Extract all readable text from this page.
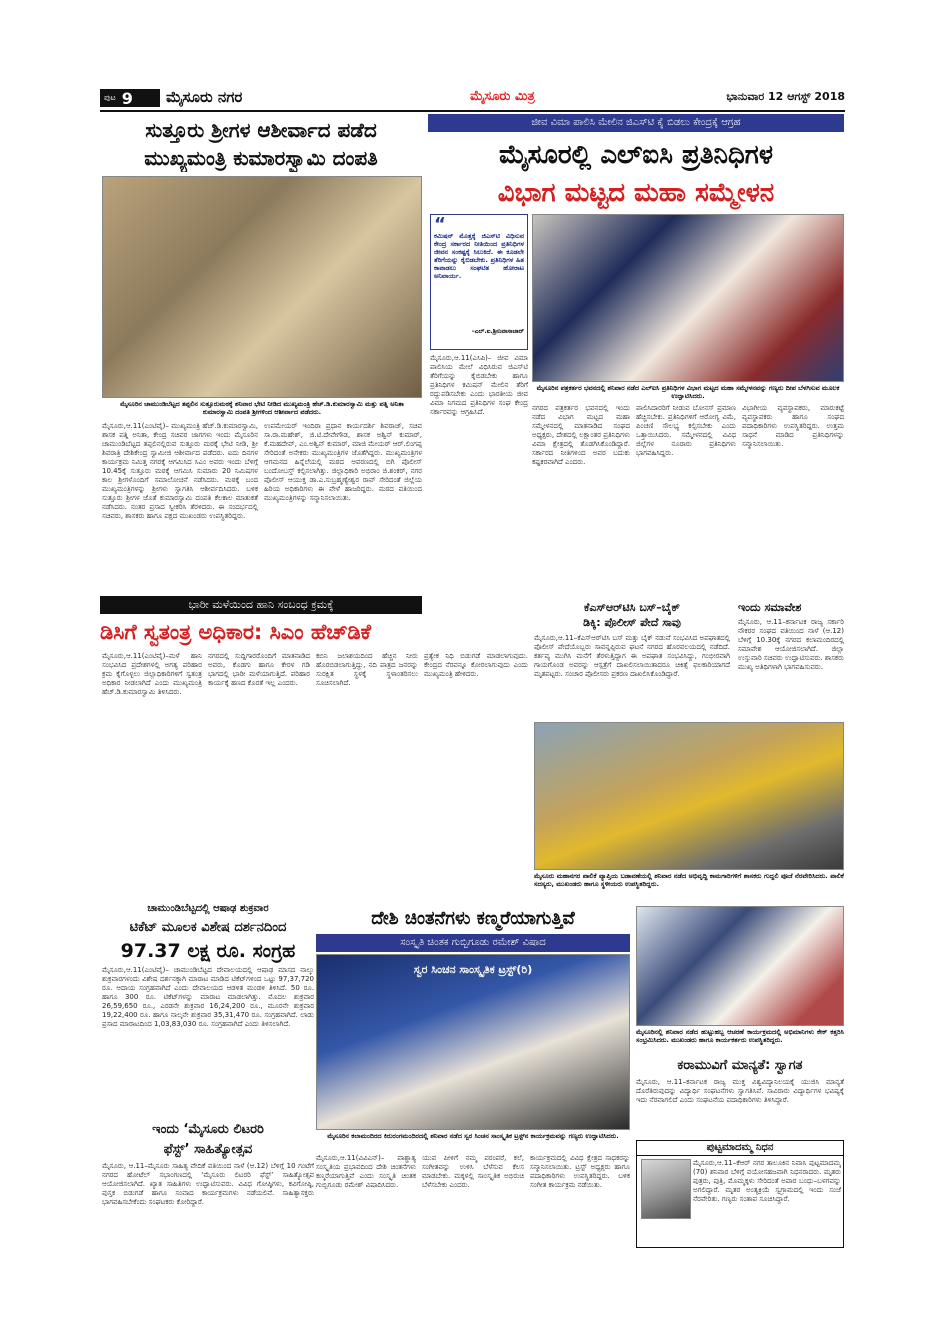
ಪುಟ 9 ಮೈಸೂರು ನಗರ	ಮೈಸೂರು ಮಿತ್ರ	ಭಾನುವಾರ 12 ಆಗಸ್ಟ್ 2018
ಸುತ್ತೂರು ಶ್ರೀಗಳ ಆಶೀರ್ವಾದ ಪಡೆದ
ಮುಖ್ಯಮಂತ್ರಿ ಕುಮಾರಸ್ವಾಮಿ ದಂಪತಿ
ಮೈಸೂರಿನ ಚಾಮುಂಡಿಬೆಟ್ಟದ ತಪ್ಪಲಿನ ಸುತ್ತೂರುಮಠಕ್ಕೆ ಶನಿವಾರ ಭೇಟಿ ನೀಡಿದ ಮುಖ್ಯಮಂತ್ರಿ ಹೆಚ್.ಡಿ.ಕುಮಾರಸ್ವಾಮಿ ಮತ್ತು ಪತ್ನಿ ಅನಿತಾ ಕುಮಾರಸ್ವಾಮಿ ದಂಪತಿ ಶ್ರೀಗಳಿಂದ ಆಶೀರ್ವಾದ ಪಡೆದರು.
ಮೈಸೂರು,ಆ.11(ಎಂಟಿವೈ)– ಮುಖ್ಯಮಂತ್ರಿ ಹೆಚ್.ಡಿ.ಕುಮಾರಸ್ವಾಮಿ, ಶಾಸಕ ಪತ್ನಿ ಅನಿತಾ, ಕೇಂದ್ರ ಸಚಿವರ ಜಾಗಗಳು ಇಂದು ಮೈಸೂರಿನ ಚಾಮುಂಡಿಬೆಟ್ಟದ ತಪ್ಪಲಿನಲ್ಲಿರುವ ಸುತ್ತೂರು ಮಠಕ್ಕೆ ಭೇಟಿ ನೀಡಿ, ಶ್ರೀ ಶಿವರಾತ್ರಿ ದೇಶಿಕೇಂದ್ರ ಸ್ವಾಮೀಜಿ ಆಶೀರ್ವಾದ ಪಡೆದರು. ಐದು ದಿನಗಳ ಕಾರ್ಯಕ್ರಮ ನಿಮಿತ್ತ ನಗರಕ್ಕೆ ಆಗಮಿಸಿದ ಸಿಎಂ ಅವರು ಇಂದು ಬೆಳಿಗ್ಗೆ 10.45ಕ್ಕೆ ಸುತ್ತೂರು ಮಠಕ್ಕೆ ಆಗಮಿಸಿ ಸುಮಾರು 20 ನಿಮಿಷಗಳ ಕಾಲ ಶ್ರೀಗಳೊಂದಿಗೆ ಸಮಾಲೋಚನೆ ನಡೆಸಿದರು. ಮಠಕ್ಕೆ ಬಂದ ಮುಖ್ಯಮಂತ್ರಿಗಳನ್ನು ಶ್ರೀಗಳು ಸ್ವಾಗತಿಸಿ ಆಶೀರ್ವದಿಸಿದರು. ಬಳಿಕ ಸುತ್ತೂರು ಶ್ರೀಗಳ ಜೊತೆ ಕುಮಾರಸ್ವಾಮಿ ದಂಪತಿ ಕೆಲಕಾಲ ಮಾತುಕತೆ ನಡೆಸಿದರು. ನಂತರ ಪ್ರಸಾದ ಸ್ವೀಕರಿಸಿ ತೆರಳಿದರು. ಈ ಸಂದರ್ಭದಲ್ಲಿ ಸಚಿವರು, ಶಾಸಕರು ಹಾಗೂ ಪಕ್ಷದ ಮುಖಂಡರು ಉಪಸ್ಥಿತರಿದ್ದರು.
ಉಪಮೇಯರ್ ಇಂದಿರಾ ಪ್ರಧಾನ ಕಾರ್ಯದರ್ಶಿ ಶಿವರಾಜ್, ಸಚಿವ ಸಾ.ರಾ.ಮಹೇಶ್, ಜಿ.ಟಿ.ದೇವೇಗೌಡ, ಶಾಸಕ ಅಶ್ವಿನ್ ಕುಮಾರ್, ಕೆ.ಮಹದೇವ್, ಎಂ.ಅಶ್ವಿನ್ ಕುಮಾರ್, ಮಾಜಿ ಮೇಯರ್ ಆರ್.ಲಿಂಗಪ್ಪ ಸೇರಿದಂತೆ ಅನೇಕರು ಮುಖ್ಯಮಂತ್ರಿಗಳ ಜೊತೆಗಿದ್ದರು. ಮುಖ್ಯಮಂತ್ರಿಗಳ ಆಗಮನದ ಹಿನ್ನೆಲೆಯಲ್ಲಿ ಮಠದ ಆವರಣದಲ್ಲಿ ಬಿಗಿ ಪೊಲೀಸ್ ಬಂದೋಬಸ್ತ್ ಕಲ್ಪಿಸಲಾಗಿತ್ತು. ಜಿಲ್ಲಾಧಿಕಾರಿ ಅಭಿರಾಂ ಜಿ.ಶಂಕರ್, ನಗರ ಪೊಲೀಸ್ ಆಯುಕ್ತ ಡಾ.ಎ.ಸುಬ್ರಹ್ಮಣ್ಯೇಶ್ವರ ರಾವ್ ಸೇರಿದಂತೆ ಜಿಲ್ಲೆಯ ಹಿರಿಯ ಅಧಿಕಾರಿಗಳು ಈ ವೇಳೆ ಹಾಜರಿದ್ದರು. ಮಠದ ವತಿಯಿಂದ ಮುಖ್ಯಮಂತ್ರಿಗಳನ್ನು ಸನ್ಮಾನಿಸಲಾಯಿತು.
ಜೀವ ವಿಮಾ ಪಾಲಿಸಿ ಮೇಲಿನ ಜಿಎಸ್‌ಟಿ ಕೈ ಬಿಡಲು ಕೇಂದ್ರಕ್ಕೆ ಆಗ್ರಹ
ಮೈಸೂರಲ್ಲಿ ಎಲ್‌ಐಸಿ ಪ್ರತಿನಿಧಿಗಳ
ವಿಭಾಗ ಮಟ್ಟದ ಮಹಾ ಸಮ್ಮೇಳನ
“
ಕಮಿಷನ್ ಮೊತ್ತಕ್ಕೆ ಜಿಎಸ್‌ಟಿ ವಿಧಿಸುವ ಕೇಂದ್ರ ಸರ್ಕಾರದ ನೀತಿಯಿಂದ ಪ್ರತಿನಿಧಿಗಳ ಜೀವನ ಸಂಕಷ್ಟಕ್ಕೆ ಸಿಲುಕಿದೆ. ಈ ಕೂಡಲೇ ತೆರಿಗೆಯನ್ನು ಕೈಬಿಡಬೇಕು. ಪ್ರತಿನಿಧಿಗಳ ಹಿತ ಕಾಪಾಡಲು ಸಂಘಟಿತ ಹೋರಾಟ ಅನಿವಾರ್ಯ.
–ಎಲ್.ಐ.ಶ್ರೀನಿವಾಸಾಚಾರ್
ಮೈಸೂರಿನ ಪತ್ರಕರ್ತರ ಭವನದಲ್ಲಿ ಶನಿವಾರ ನಡೆದ ಎಲ್‌ಐಸಿ ಪ್ರತಿನಿಧಿಗಳ ವಿಭಾಗ ಮಟ್ಟದ ಮಹಾ ಸಮ್ಮೇಳನವನ್ನು ಗಣ್ಯರು ದೀಪ ಬೆಳಗಿಸುವ ಮೂಲಕ ಉದ್ಘಾಟಿಸಿದರು.
ಮೈಸೂರು,ಆ.11(ಎಸಿಪಿ)– ಜೀವ ವಿಮಾ ಪಾಲಿಸಿಯ ಮೇಲೆ ವಿಧಿಸಿರುವ ಜಿಎಸ್‌ಟಿ ತೆರಿಗೆಯನ್ನು ಕೈಬಿಡಬೇಕು ಹಾಗೂ ಪ್ರತಿನಿಧಿಗಳ ಕಮಿಷನ್ ಮೇಲಿನ ತೆರಿಗೆ ರದ್ದುಪಡಿಸಬೇಕು ಎಂದು ಭಾರತೀಯ ಜೀವ ವಿಮಾ ನಿಗಮದ ಪ್ರತಿನಿಧಿಗಳ ಸಂಘ ಕೇಂದ್ರ ಸರ್ಕಾರವನ್ನು ಆಗ್ರಹಿಸಿದೆ.	ನಗರದ ಪತ್ರಕರ್ತರ ಭವನದಲ್ಲಿ ಇಂದು ನಡೆದ ವಿಭಾಗ ಮಟ್ಟದ ಮಹಾ ಸಮ್ಮೇಳನದಲ್ಲಿ ಮಾತನಾಡಿದ ಸಂಘದ ಅಧ್ಯಕ್ಷರು, ದೇಶದಲ್ಲಿ ಲಕ್ಷಾಂತರ ಪ್ರತಿನಿಧಿಗಳು ವಿಮಾ ಕ್ಷೇತ್ರದಲ್ಲಿ ತೊಡಗಿಸಿಕೊಂಡಿದ್ದಾರೆ. ಸರ್ಕಾರದ ನೀತಿಗಳಿಂದ ಅವರ ಬದುಕು ಕಷ್ಟಕರವಾಗಿದೆ ಎಂದರು.
ಪಾಲಿಸಿದಾರರಿಗೆ ನೀಡುವ ಬೋನಸ್ ಪ್ರಮಾಣ ಹೆಚ್ಚಿಸಬೇಕು. ಪ್ರತಿನಿಧಿಗಳಿಗೆ ಆರೋಗ್ಯ ವಿಮೆ, ಪಿಂಚಣಿ ಸೌಲಭ್ಯ ಕಲ್ಪಿಸಬೇಕು ಎಂದು ಒತ್ತಾಯಿಸಿದರು. ಸಮ್ಮೇಳನದಲ್ಲಿ ವಿವಿಧ ಜಿಲ್ಲೆಗಳ ನೂರಾರು ಪ್ರತಿನಿಧಿಗಳು ಭಾಗವಹಿಸಿದ್ದರು.
ವಿಭಾಗೀಯ ವ್ಯವಸ್ಥಾಪಕರು, ಮಾರುಕಟ್ಟೆ ವ್ಯವಸ್ಥಾಪಕರು ಹಾಗೂ ಸಂಘದ ಪದಾಧಿಕಾರಿಗಳು ಉಪಸ್ಥಿತರಿದ್ದರು. ಉತ್ತಮ ಸಾಧನೆ ಮಾಡಿದ ಪ್ರತಿನಿಧಿಗಳನ್ನು ಸನ್ಮಾನಿಸಲಾಯಿತು.
ಭಾರೀ ಮಳೆಯಿಂದ ಹಾನಿ ಸಂಬಂಧ ಕ್ರಮಕ್ಕೆ
ಡಿಸಿಗೆ ಸ್ವತಂತ್ರ ಅಧಿಕಾರ: ಸಿಎಂ ಹೆಚ್‌ಡಿಕೆ
ಮೈಸೂರು,ಆ.11(ಎಂಟಿವೈ)–ಮಳೆ ಹಾನಿ ಸಂಭವಿಸಿದ ಪ್ರದೇಶಗಳಲ್ಲಿ ಅಗತ್ಯ ಪರಿಹಾರ ಕ್ರಮ ಕೈಗೊಳ್ಳಲು ಜಿಲ್ಲಾಧಿಕಾರಿಗಳಿಗೆ ಸ್ವತಂತ್ರ ಅಧಿಕಾರ ನೀಡಲಾಗಿದೆ ಎಂದು ಮುಖ್ಯಮಂತ್ರಿ ಹೆಚ್.ಡಿ.ಕುಮಾರಸ್ವಾಮಿ ತಿಳಿಸಿದರು.
ನಗರದಲ್ಲಿ ಸುದ್ದಿಗಾರರೊಂದಿಗೆ ಮಾತನಾಡಿದ ಅವರು, ಕೊಡಗು ಹಾಗೂ ಕೇರಳ ಗಡಿ ಭಾಗದಲ್ಲಿ ಭಾರೀ ಮಳೆಯಾಗುತ್ತಿದೆ. ಪರಿಹಾರ ಕಾರ್ಯಕ್ಕೆ ಹಣದ ಕೊರತೆ ಇಲ್ಲ ಎಂದರು.
ಕಬಿನಿ ಜಲಾಶಯದಿಂದ ಹೆಚ್ಚಿನ ನೀರು ಹೊರಬಿಡಲಾಗುತ್ತಿದ್ದು, ನದಿ ಪಾತ್ರದ ಜನರನ್ನು ಸುರಕ್ಷಿತ ಸ್ಥಳಕ್ಕೆ ಸ್ಥಳಾಂತರಿಸಲು ಸೂಚಿಸಲಾಗಿದೆ.
ಪ್ರತ್ಯೇಕ ನಿಧಿ ಬಿಡುಗಡೆ ಮಾಡಲಾಗುವುದು. ಕೇಂದ್ರದ ನೆರವನ್ನೂ ಕೋರಲಾಗುವುದು ಎಂದು ಮುಖ್ಯಮಂತ್ರಿ ಹೇಳಿದರು.
ಕೆಎಸ್‌ಆರ್‌ಟಿಸಿ ಬಸ್–ಬೈಕ್
ಡಿಕ್ಕಿ: ಪೊಲೀಸ್ ಪೇದೆ ಸಾವು
ಮೈಸೂರು,ಆ.11–ಕೆಎಸ್‌ಆರ್‌ಟಿಸಿ ಬಸ್ ಮತ್ತು ಬೈಕ್ ನಡುವೆ ಸಂಭವಿಸಿದ ಅಪಘಾತದಲ್ಲಿ ಪೊಲೀಸ್ ಪೇದೆಯೊಬ್ಬರು ಸಾವನ್ನಪ್ಪಿರುವ ಘಟನೆ ನಗರದ ಹೊರವಲಯದಲ್ಲಿ ನಡೆದಿದೆ. ಕರ್ತವ್ಯ ಮುಗಿಸಿ ಮನೆಗೆ ತೆರಳುತ್ತಿದ್ದಾಗ ಈ ಅಪಘಾತ ಸಂಭವಿಸಿದ್ದು, ಗಂಭೀರವಾಗಿ ಗಾಯಗೊಂಡ ಅವರನ್ನು ಆಸ್ಪತ್ರೆಗೆ ದಾಖಲಿಸಲಾಯಿತಾದರೂ ಚಿಕಿತ್ಸೆ ಫಲಕಾರಿಯಾಗದೆ ಮೃತಪಟ್ಟರು. ಸಂಚಾರ ಪೊಲೀಸರು ಪ್ರಕರಣ ದಾಖಲಿಸಿಕೊಂಡಿದ್ದಾರೆ.
ಇಂದು ಸಮಾವೇಶ
ಮೈಸೂರು, ಆ.11–ಕರ್ನಾಟಕ ರಾಜ್ಯ ಸರ್ಕಾರಿ ನೌಕರರ ಸಂಘದ ವತಿಯಿಂದ ನಾಳೆ (ಆ.12) ಬೆಳಿಗ್ಗೆ 10.30ಕ್ಕೆ ನಗರದ ಕಲಾಮಂದಿರದಲ್ಲಿ ಸಮಾವೇಶ ಆಯೋಜಿಸಲಾಗಿದೆ. ಜಿಲ್ಲಾ ಉಸ್ತುವಾರಿ ಸಚಿವರು ಉದ್ಘಾಟಿಸುವರು. ಶಾಸಕರು ಮುಖ್ಯ ಅತಿಥಿಗಳಾಗಿ ಭಾಗವಹಿಸುವರು.
ಮೈಸೂರು ಮಹಾನಗರ ಪಾಲಿಕೆ ವ್ಯಾಪ್ತಿಯ ಬಡಾವಣೆಯಲ್ಲಿ ಶನಿವಾರ ನಡೆದ ಅಭಿವೃದ್ಧಿ ಕಾಮಗಾರಿಗಳಿಗೆ ಶಾಸಕರು ಗುದ್ದಲಿ ಪೂಜೆ ನೆರವೇರಿಸಿದರು. ಪಾಲಿಕೆ ಸದಸ್ಯರು, ಮುಖಂಡರು ಹಾಗೂ ಸ್ಥಳೀಯರು ಉಪಸ್ಥಿತರಿದ್ದರು.
ಚಾಮುಂಡಿಬೆಟ್ಟದಲ್ಲಿ ಆಷಾಢ ಶುಕ್ರವಾರ
ಟಿಕೆಟ್ ಮೂಲಕ ವಿಶೇಷ ದರ್ಶನದಿಂದ
97.37 ಲಕ್ಷ ರೂ. ಸಂಗ್ರಹ
ಮೈಸೂರು,ಆ.11(ಎಂಟಿವೈ)– ಚಾಮುಂಡಿಬೆಟ್ಟದ ದೇವಾಲಯದಲ್ಲಿ ಆಷಾಢ ಮಾಸದ ನಾಲ್ಕು ಶುಕ್ರವಾರಗಳಂದು ವಿಶೇಷ ದರ್ಶನಕ್ಕಾಗಿ ಮಾರಾಟ ಮಾಡಿದ ಟಿಕೆಟ್‌ಗಳಿಂದ ಒಟ್ಟು 97,37,720 ರೂ. ಆದಾಯ ಸಂಗ್ರಹವಾಗಿದೆ ಎಂದು ದೇವಾಲಯದ ಆಡಳಿತ ಮಂಡಳಿ ತಿಳಿಸಿದೆ. 50 ರೂ. ಹಾಗೂ 300 ರೂ. ಟಿಕೆಟ್‌ಗಳನ್ನು ಮಾರಾಟ ಮಾಡಲಾಗಿತ್ತು. ಮೊದಲ ಶುಕ್ರವಾರ 26,59,650 ರೂ., ಎರಡನೇ ಶುಕ್ರವಾರ 16,24,200 ರೂ., ಮೂರನೇ ಶುಕ್ರವಾರ 19,22,400 ರೂ. ಹಾಗೂ ನಾಲ್ಕನೇ ಶುಕ್ರವಾರ 35,31,470 ರೂ. ಸಂಗ್ರಹವಾಗಿದೆ. ಲಾಡು ಪ್ರಸಾದ ಮಾರಾಟದಿಂದ 1,03,83,030 ರೂ. ಸಂಗ್ರಹವಾಗಿದೆ ಎಂದು ತಿಳಿಸಲಾಗಿದೆ.
ಇಂದು ‘ಮೈಸೂರು ಲಿಟರರಿ
ಫೆಸ್ಟ್’ ಸಾಹಿತ್ಯೋತ್ಸವ
ಮೈಸೂರು, ಆ.11–ಮೈಸೂರು ಸಾಹಿತ್ಯ ವೇದಿಕೆ ವತಿಯಿಂದ ನಾಳೆ (ಆ.12) ಬೆಳಿಗ್ಗೆ 10 ಗಂಟೆಗೆ ನಗರದ ಹೋಟೆಲ್ ಸಭಾಂಗಣದಲ್ಲಿ ‘ಮೈಸೂರು ಲಿಟರರಿ ಫೆಸ್ಟ್’ ಸಾಹಿತ್ಯೋತ್ಸವ ಆಯೋಜಿಸಲಾಗಿದೆ. ಖ್ಯಾತ ಸಾಹಿತಿಗಳು ಉದ್ಘಾಟಿಸುವರು. ವಿವಿಧ ಗೋಷ್ಠಿಗಳು, ಕವಿಗೋಷ್ಠಿ, ಪುಸ್ತಕ ಬಿಡುಗಡೆ ಹಾಗೂ ಸಂವಾದ ಕಾರ್ಯಕ್ರಮಗಳು ನಡೆಯಲಿವೆ. ಸಾಹಿತ್ಯಾಸಕ್ತರು ಭಾಗವಹಿಸಬೇಕೆಂದು ಸಂಘಟಕರು ಕೋರಿದ್ದಾರೆ.
ದೇಶಿ ಚಿಂತನೆಗಳು ಕಣ್ಮರೆಯಾಗುತ್ತಿವೆ
ಸಂಸ್ಕೃತಿ ಚಿಂತಕ ಗುಬ್ಬಿಗೂಡು ರಮೇಶ್ ವಿಷಾದ
ಸ್ವರ ಸಿಂಚನ ಸಾಂಸ್ಕೃತಿಕ ಟ್ರಸ್ಟ್(ರಿ)
ಮೈಸೂರಿನ ಕಲಾಮಂದಿರದ ಕಿರುರಂಗಮಂದಿರದಲ್ಲಿ ಶನಿವಾರ ನಡೆದ ಸ್ವರ ಸಿಂಚನ ಸಾಂಸ್ಕೃತಿಕ ಟ್ರಸ್ಟ್‌ನ ಕಾರ್ಯಕ್ರಮವನ್ನು ಗಣ್ಯರು ಉದ್ಘಾಟಿಸಿದರು.
ಮೈಸೂರು,ಆ.11(ವಿವಿಎನ್)– ಪಾಶ್ಚಾತ್ಯ ಸಂಸ್ಕೃತಿಯ ಪ್ರಭಾವದಿಂದ ದೇಶಿ ಚಿಂತನೆಗಳು ಕಣ್ಮರೆಯಾಗುತ್ತಿವೆ ಎಂದು ಸಂಸ್ಕೃತಿ ಚಿಂತಕ ಗುಬ್ಬಿಗೂಡು ರಮೇಶ್ ವಿಷಾದಿಸಿದರು.
ಯುವ ಪೀಳಿಗೆ ನಮ್ಮ ಪರಂಪರೆ, ಕಲೆ, ಸಂಗೀತವನ್ನು ಉಳಿಸಿ ಬೆಳೆಸುವ ಕೆಲಸ ಮಾಡಬೇಕು. ಮಕ್ಕಳಲ್ಲಿ ಸಾಂಸ್ಕೃತಿಕ ಅಭಿರುಚಿ ಬೆಳೆಸಬೇಕು ಎಂದರು.
ಕಾರ್ಯಕ್ರಮದಲ್ಲಿ ವಿವಿಧ ಕ್ಷೇತ್ರದ ಸಾಧಕರನ್ನು ಸನ್ಮಾನಿಸಲಾಯಿತು. ಟ್ರಸ್ಟ್ ಅಧ್ಯಕ್ಷರು ಹಾಗೂ ಪದಾಧಿಕಾರಿಗಳು ಉಪಸ್ಥಿತರಿದ್ದರು. ಬಳಿಕ ಸಂಗೀತ ಕಾರ್ಯಕ್ರಮ ನಡೆಯಿತು.
ಮೈಸೂರಿನಲ್ಲಿ ಶನಿವಾರ ನಡೆದ ಹುಟ್ಟುಹಬ್ಬ ಆಚರಣೆ ಕಾರ್ಯಕ್ರಮದಲ್ಲಿ ಅಭಿಮಾನಿಗಳು ಕೇಕ್ ಕತ್ತರಿಸಿ ಸಂಭ್ರಮಿಸಿದರು. ಮುಖಂಡರು ಹಾಗೂ ಕಾರ್ಯಕರ್ತರು ಉಪಸ್ಥಿತರಿದ್ದರು.
ಕರಾಮುವಿಗೆ ಮಾನ್ಯತೆ: ಸ್ವಾಗತ
ಮೈಸೂರು, ಆ.11–ಕರ್ನಾಟಕ ರಾಜ್ಯ ಮುಕ್ತ ವಿಶ್ವವಿದ್ಯಾನಿಲಯಕ್ಕೆ ಯುಜಿಸಿ ಮಾನ್ಯತೆ ದೊರೆತಿರುವುದನ್ನು ವಿದ್ಯಾರ್ಥಿ ಸಂಘಟನೆಗಳು ಸ್ವಾಗತಿಸಿವೆ. ಸಾವಿರಾರು ವಿದ್ಯಾರ್ಥಿಗಳ ಭವಿಷ್ಯಕ್ಕೆ ಇದು ನೆರವಾಗಲಿದೆ ಎಂದು ಸಂಘಟನೆಯ ಪದಾಧಿಕಾರಿಗಳು ತಿಳಿಸಿದ್ದಾರೆ.
ಪುಟ್ಟಮಾದಮ್ಮ ನಿಧನ
ಮೈಸೂರು,ಆ.11–ಕೆಆರ್ ನಗರ ತಾಲೂಕಿನ ನಿವಾಸಿ ಪುಟ್ಟಮಾದಮ್ಮ (70) ಶನಿವಾರ ಬೆಳಿಗ್ಗೆ ವಯೋಸಹಜವಾಗಿ ನಿಧನರಾದರು. ಮೃತರು ಪುತ್ರರು, ಪುತ್ರಿ, ಮೊಮ್ಮಕ್ಕಳು ಸೇರಿದಂತೆ ಅಪಾರ ಬಂಧು–ಬಳಗವನ್ನು ಅಗಲಿದ್ದಾರೆ. ಮೃತರ ಅಂತ್ಯಕ್ರಿಯೆ ಸ್ವಗ್ರಾಮದಲ್ಲಿ ಇಂದು ಸಂಜೆ ನೆರವೇರಿತು. ಗಣ್ಯರು ಸಂತಾಪ ಸೂಚಿಸಿದ್ದಾರೆ.
